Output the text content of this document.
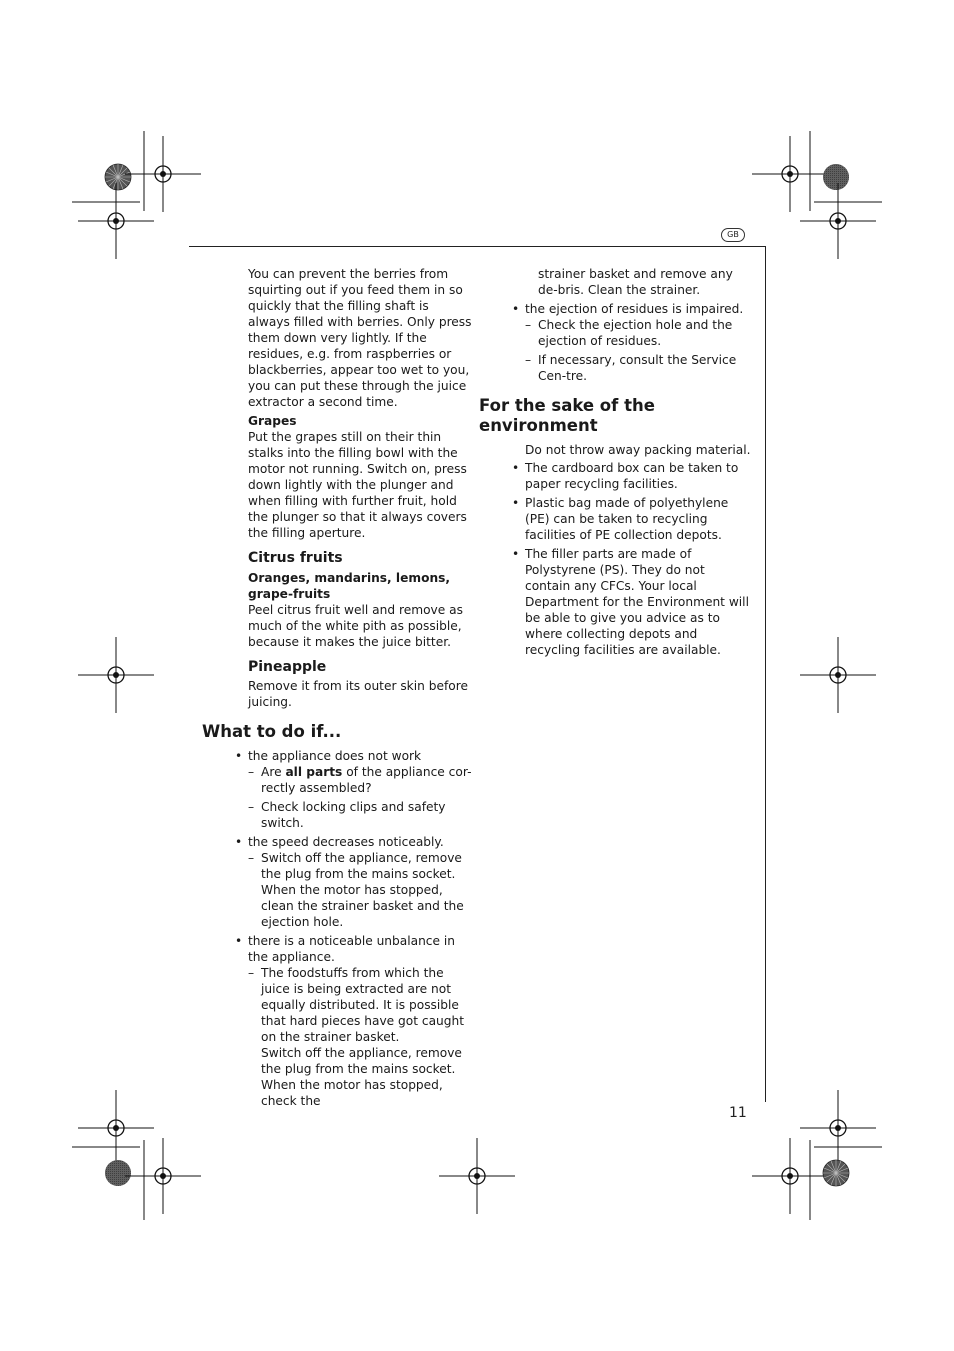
GB

You can prevent the berries from squirting out if you feed them in so quickly that the filling shaft is always filled with berries. Only press them down very lightly. If the residues, e.g. from raspberries or blackberries, appear too wet to you, you can put these through the juice extractor a second time.

Grapes

Put the grapes still on their thin stalks into the filling bowl with the motor not running. Switch on, press down lightly with the plunger and when filling with further fruit, hold the plunger so that it always covers the filling aperture.

Citrus fruits

Oranges, mandarins, lemons, grape-fruits

Peel citrus fruit well and remove as much of the white pith as possible, because it makes the juice bitter.

Pineapple

Remove it from its outer skin before juicing.

What to do if...

• the appliance does not work
– Are all parts of the appliance cor-rectly assembled?
– Check locking clips and safety switch.
• the speed decreases noticeably.
– Switch off the appliance, remove the plug from the mains socket. When the motor has stopped, clean the strainer basket and the ejection hole.
• there is a noticeable unbalance in the appliance.
– The foodstuffs from which the juice is being extracted are not equally distributed. It is possible that hard pieces have got caught on the strainer basket.
Switch off the appliance, remove the plug from the mains socket. When the motor has stopped, check the

strainer basket and remove any de-bris. Clean the strainer.

• the ejection of residues is impaired.
– Check the ejection hole and the ejection of residues.
– If necessary, consult the Service Cen-tre.

For the sake of the environment

Do not throw away packing material.

• The cardboard box can be taken to paper recycling facilities.
• Plastic bag made of polyethylene (PE) can be taken to recycling facilities of PE collection depots.
• The filler parts are made of Polystyrene (PS). They do not contain any CFCs. Your local Department for the Environment will be able to give you advice as to where collecting depots and recycling facilities are available.
11
